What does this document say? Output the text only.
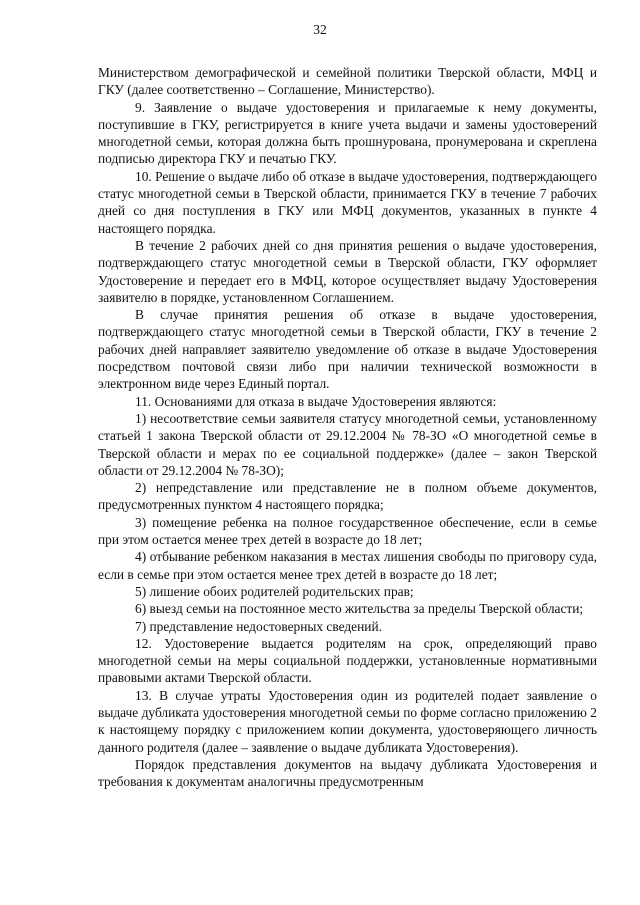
32

Министерством демографической и семейной политики Тверской области, МФЦ и ГКУ (далее соответственно – Соглашение, Министерство).

9. Заявление о выдаче удостоверения и прилагаемые к нему документы, поступившие в ГКУ, регистрируется в книге учета выдачи и замены удостоверений многодетной семьи, которая должна быть прошнурована, пронумерована и скреплена подписью директора ГКУ и печатью ГКУ.

10. Решение о выдаче либо об отказе в выдаче удостоверения, подтверждающего статус многодетной семьи в Тверской области, принимается ГКУ в течение 7 рабочих дней со дня поступления в ГКУ или МФЦ документов, указанных в пункте 4 настоящего порядка.

В течение 2 рабочих дней со дня принятия решения о выдаче удостоверения, подтверждающего статус многодетной семьи в Тверской области, ГКУ оформляет Удостоверение и передает его в МФЦ, которое осуществляет выдачу Удостоверения заявителю в порядке, установленном Соглашением.

В случае принятия решения об отказе в выдаче удостоверения, подтверждающего статус многодетной семьи в Тверской области, ГКУ в течение 2 рабочих дней направляет заявителю уведомление об отказе в выдаче Удостоверения посредством почтовой связи либо при наличии технической возможности в электронном виде через Единый портал.

11. Основаниями для отказа в выдаче Удостоверения являются:

1) несоответствие семьи заявителя статусу многодетной семьи, установленному статьей 1 закона Тверской области от 29.12.2004 № 78-ЗО «О многодетной семье в Тверской области и мерах по ее социальной поддержке» (далее – закон Тверской области от 29.12.2004 № 78-ЗО);

2) непредставление или представление не в полном объеме документов, предусмотренных пунктом 4 настоящего порядка;

3) помещение ребенка на полное государственное обеспечение, если в семье при этом остается менее трех детей в возрасте до 18 лет;

4) отбывание ребенком наказания в местах лишения свободы по приговору суда, если в семье при этом остается менее трех детей в возрасте до 18 лет;

5) лишение обоих родителей родительских прав;

6) выезд семьи на постоянное место жительства за пределы Тверской области;

7) представление недостоверных сведений.

12. Удостоверение выдается родителям на срок, определяющий право многодетной семьи на меры социальной поддержки, установленные нормативными правовыми актами Тверской области.

13. В случае утраты Удостоверения один из родителей подает заявление о выдаче дубликата удостоверения многодетной семьи по форме согласно приложению 2 к настоящему порядку с приложением копии документа, удостоверяющего личность данного родителя (далее – заявление о выдаче дубликата Удостоверения).

Порядок представления документов на выдачу дубликата Удостоверения и требования к документам аналогичны предусмотренным
